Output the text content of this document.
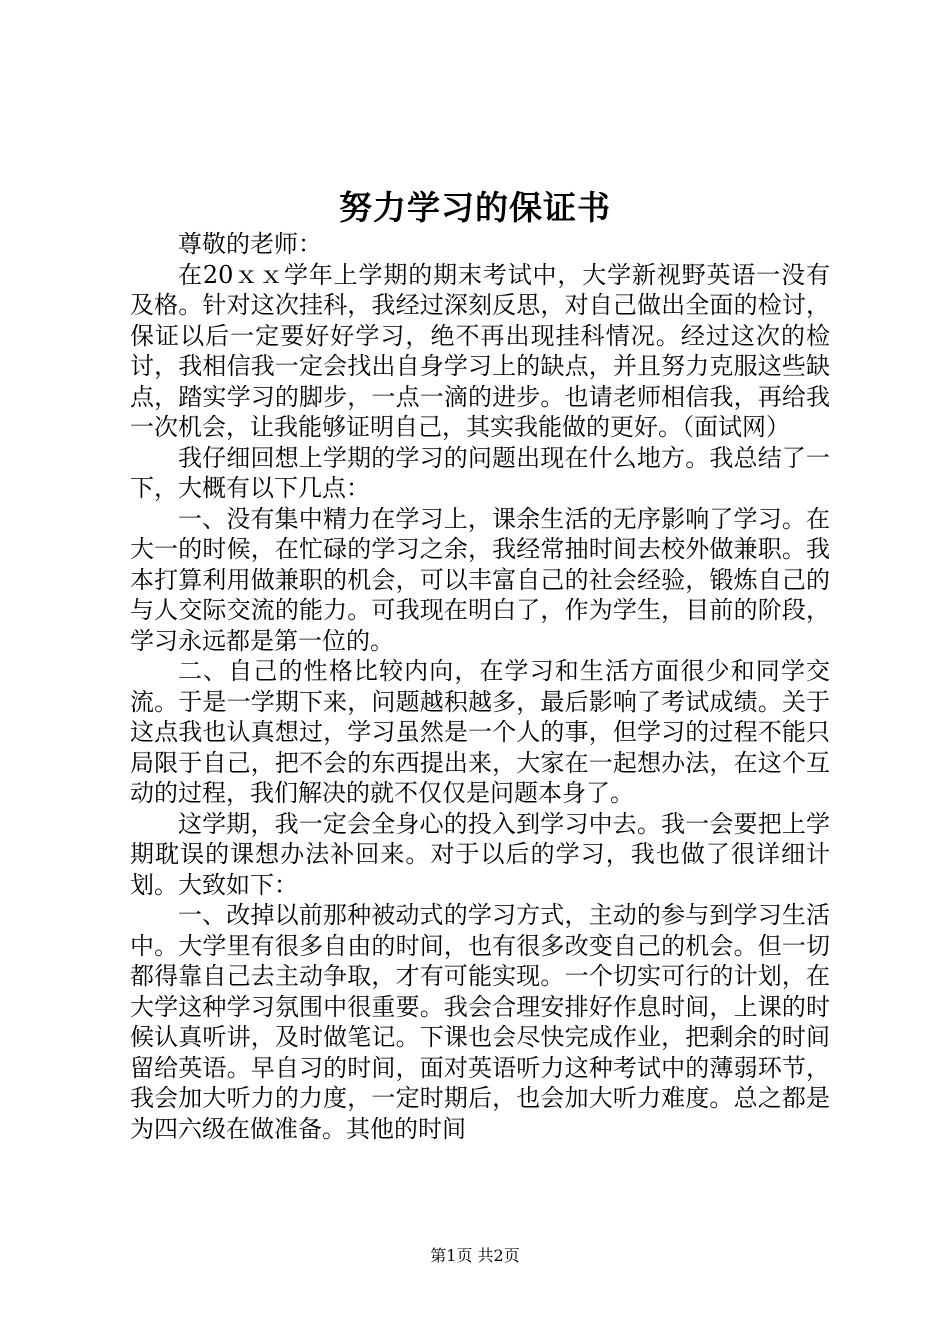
努力学习的保证书

尊敬的老师：

在20ｘｘ学年上学期的期末考试中，大学新视野英语一没有及格。针对这次挂科，我经过深刻反思，对自己做出全面的检讨，保证以后一定要好好学习，绝不再出现挂科情况。经过这次的检讨，我相信我一定会找出自身学习上的缺点，并且努力克服这些缺点，踏实学习的脚步，一点一滴的进步。也请老师相信我，再给我一次机会，让我能够证明自己，其实我能做的更好。（面试网）

我仔细回想上学期的学习的问题出现在什么地方。我总结了一下，大概有以下几点：

一、没有集中精力在学习上，课余生活的无序影响了学习。在大一的时候，在忙碌的学习之余，我经常抽时间去校外做兼职。我本打算利用做兼职的机会，可以丰富自己的社会经验，锻炼自己的与人交际交流的能力。可我现在明白了，作为学生，目前的阶段，学习永远都是第一位的。

二、自己的性格比较内向，在学习和生活方面很少和同学交流。于是一学期下来，问题越积越多，最后影响了考试成绩。关于这点我也认真想过，学习虽然是一个人的事，但学习的过程不能只局限于自己，把不会的东西提出来，大家在一起想办法，在这个互动的过程，我们解决的就不仅仅是问题本身了。

这学期，我一定会全身心的投入到学习中去。我一会要把上学期耽误的课想办法补回来。对于以后的学习，我也做了很详细计划。大致如下：

一、改掉以前那种被动式的学习方式，主动的参与到学习生活中。大学里有很多自由的时间，也有很多改变自己的机会。但一切都得靠自己去主动争取，才有可能实现。一个切实可行的计划，在大学这种学习氛围中很重要。我会合理安排好作息时间，上课的时候认真听讲，及时做笔记。下课也会尽快完成作业，把剩余的时间留给英语。早自习的时间，面对英语听力这种考试中的薄弱环节，我会加大听力的力度，一定时期后，也会加大听力难度。总之都是为四六级在做准备。其他的时间

第1页 共2页
